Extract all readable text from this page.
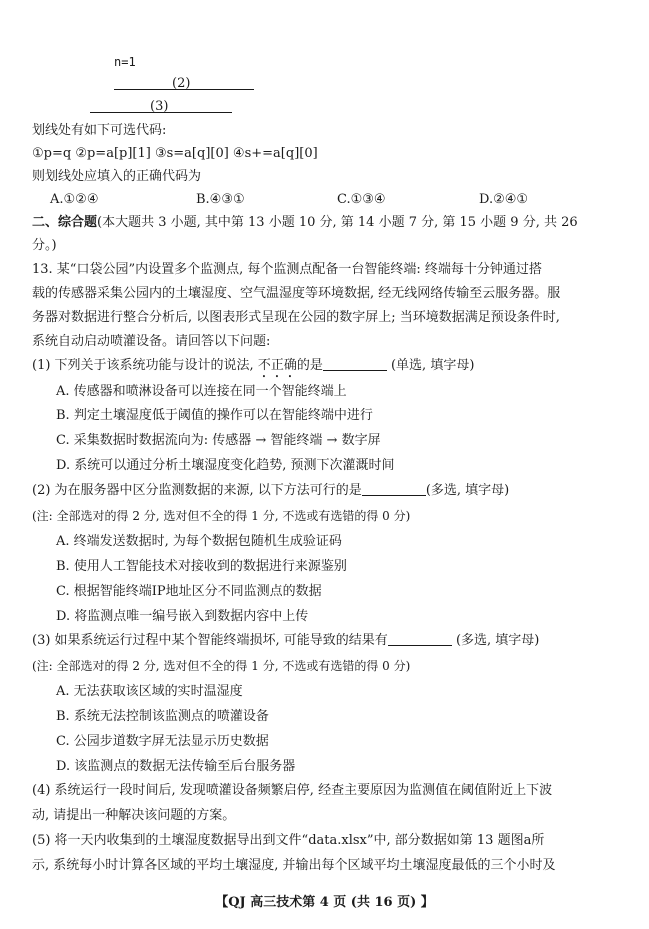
n=1
(2)
(3)
划线处有如下可选代码:
①p=q ②p=a[p][1] ③s=a[q][0] ④s+=a[q][0]
则划线处应填入的正确代码为
A.①②④	B.④③①	C.①③④	D.②④①
二、综合题(本大题共 3 小题, 其中第 13 小题 10 分, 第 14 小题 7 分, 第 15 小题 9 分, 共 26
分。)
13. 某“口袋公园”内设置多个监测点, 每个监测点配备一台智能终端: 终端每十分钟通过搭
载的传感器采集公园内的土壤湿度、空气温湿度等环境数据, 经无线网络传输至云服务器。服
务器对数据进行整合分析后, 以图表形式呈现在公园的数字屏上; 当环境数据满足预设条件时,
系统自动启动喷灌设备。请回答以下问题:
(1) 下列关于该系统功能与设计的说法, 不正确的是	(单选, 填字母)
A. 传感器和喷淋设备可以连接在同一个智能终端上
B. 判定土壤湿度低于阈值的操作可以在智能终端中进行
C. 采集数据时数据流向为: 传感器 → 智能终端 → 数字屏
D. 系统可以通过分析土壤湿度变化趋势, 预测下次灌溉时间
(2) 为在服务器中区分监测数据的来源, 以下方法可行的是	(多选, 填字母)
(注: 全部选对的得 2 分, 选对但不全的得 1 分, 不选或有选错的得 0 分)
A. 终端发送数据时, 为每个数据包随机生成验证码
B. 使用人工智能技术对接收到的数据进行来源鉴别
C. 根据智能终端IP地址区分不同监测点的数据
D. 将监测点唯一编号嵌入到数据内容中上传
(3) 如果系统运行过程中某个智能终端损坏, 可能导致的结果有	(多选, 填字母)
(注: 全部选对的得 2 分, 选对但不全的得 1 分, 不选或有选错的得 0 分)
A. 无法获取该区域的实时温湿度
B. 系统无法控制该监测点的喷灌设备
C. 公园步道数字屏无法显示历史数据
D. 该监测点的数据无法传输至后台服务器
(4) 系统运行一段时间后, 发现喷灌设备频繁启停, 经查主要原因为监测值在阈值附近上下波
动, 请提出一种解决该问题的方案。
(5) 将一天内收集到的土壤湿度数据导出到文件“data.xlsx”中, 部分数据如第 13 题图a所
示, 系统每小时计算各区域的平均土壤湿度, 并输出每个区域平均土壤湿度最低的三个小时及
【QJ 高三技术第 4 页 (共 16 页) 】
